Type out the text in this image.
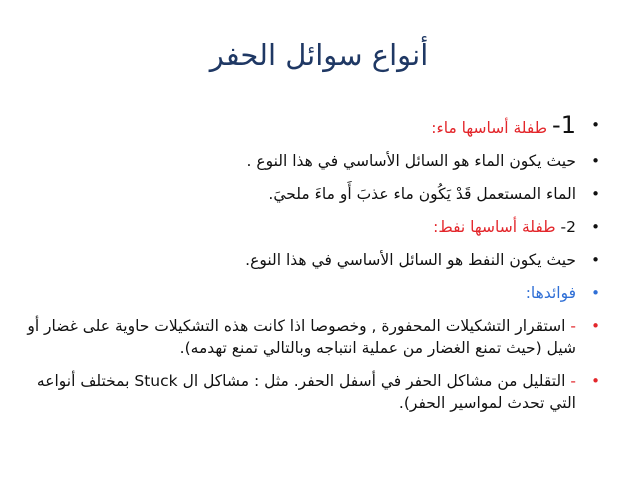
أنواع سوائل الحفر
•
1- طفلة أساسها ماء:
•
حيث يكون الماء هو السائل الأساسي في هذا النوع .
•
الماء المستعمل قَدْ يَكُون ماء عذبَ أَو ماءَ ملحيَ.
•
2- طفلة أساسها نفط:
•
حيث يكون النفط هو السائل الأساسي في هذا النوع.
•
فوائدها:
•
- استقرار التشكيلات المحفورة , وخصوصا اذا كانت هذه التشكيلات حاوية على غضار أو شيل (حيث تمنع الغضار من عملية انتباجه وبالتالي تمنع تهدمه).
•
- التقليل من مشاكل الحفر في أسفل الحفر. مثل : مشاكل ال Stuck بمختلف أنواعه التي تحدث لمواسير الحفر).
